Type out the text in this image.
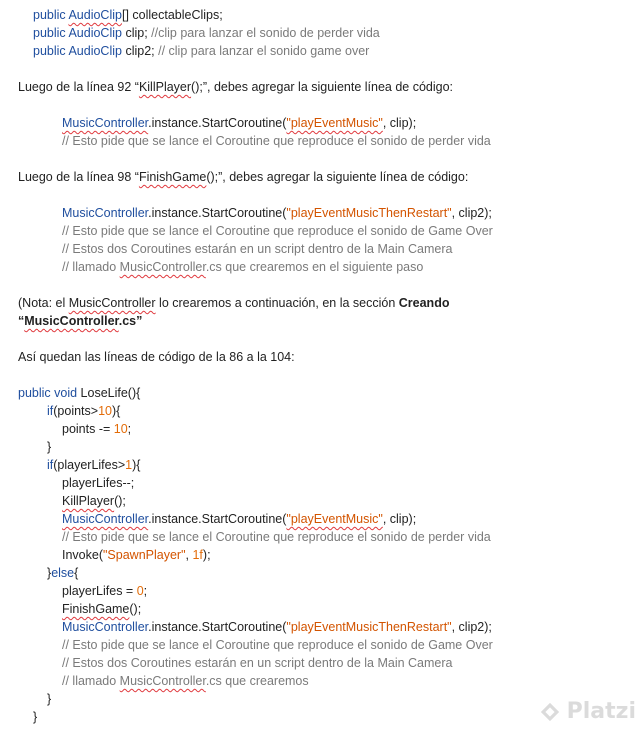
public AudioClip[] collectableClips;
public AudioClip clip; //clip para lanzar el sonido de perder vida
public AudioClip clip2; // clip para lanzar el sonido game over
Luego de la línea 92 “KillPlayer();”, debes agregar la siguiente línea de código:
MusicController.instance.StartCoroutine("playEventMusic", clip);
// Esto pide que se lance el Coroutine que reproduce el sonido de perder vida
Luego de la línea 98 “FinishGame();”, debes agregar la siguiente línea de código:
MusicController.instance.StartCoroutine("playEventMusicThenRestart", clip2);
// Esto pide que se lance el Coroutine que reproduce el sonido de Game Over
// Estos dos Coroutines estarán en un script dentro de la Main Camera
// llamado MusicController.cs que crearemos en el siguiente paso
(Nota: el MusicController lo crearemos a continuación, en la sección Creando
“MusicController.cs”
Así quedan las líneas de código de la 86 a la 104:
public void LoseLife(){
if(points>10){
points -= 10;
}
if(playerLifes>1){
playerLifes--;
KillPlayer();
MusicController.instance.StartCoroutine("playEventMusic", clip);
// Esto pide que se lance el Coroutine que reproduce el sonido de perder vida
Invoke("SpawnPlayer", 1f);
}else{
playerLifes = 0;
FinishGame();
MusicController.instance.StartCoroutine("playEventMusicThenRestart", clip2);
// Esto pide que se lance el Coroutine que reproduce el sonido de Game Over
// Estos dos Coroutines estarán en un script dentro de la Main Camera
// llamado MusicController.cs que crearemos
}
}	Platzi
